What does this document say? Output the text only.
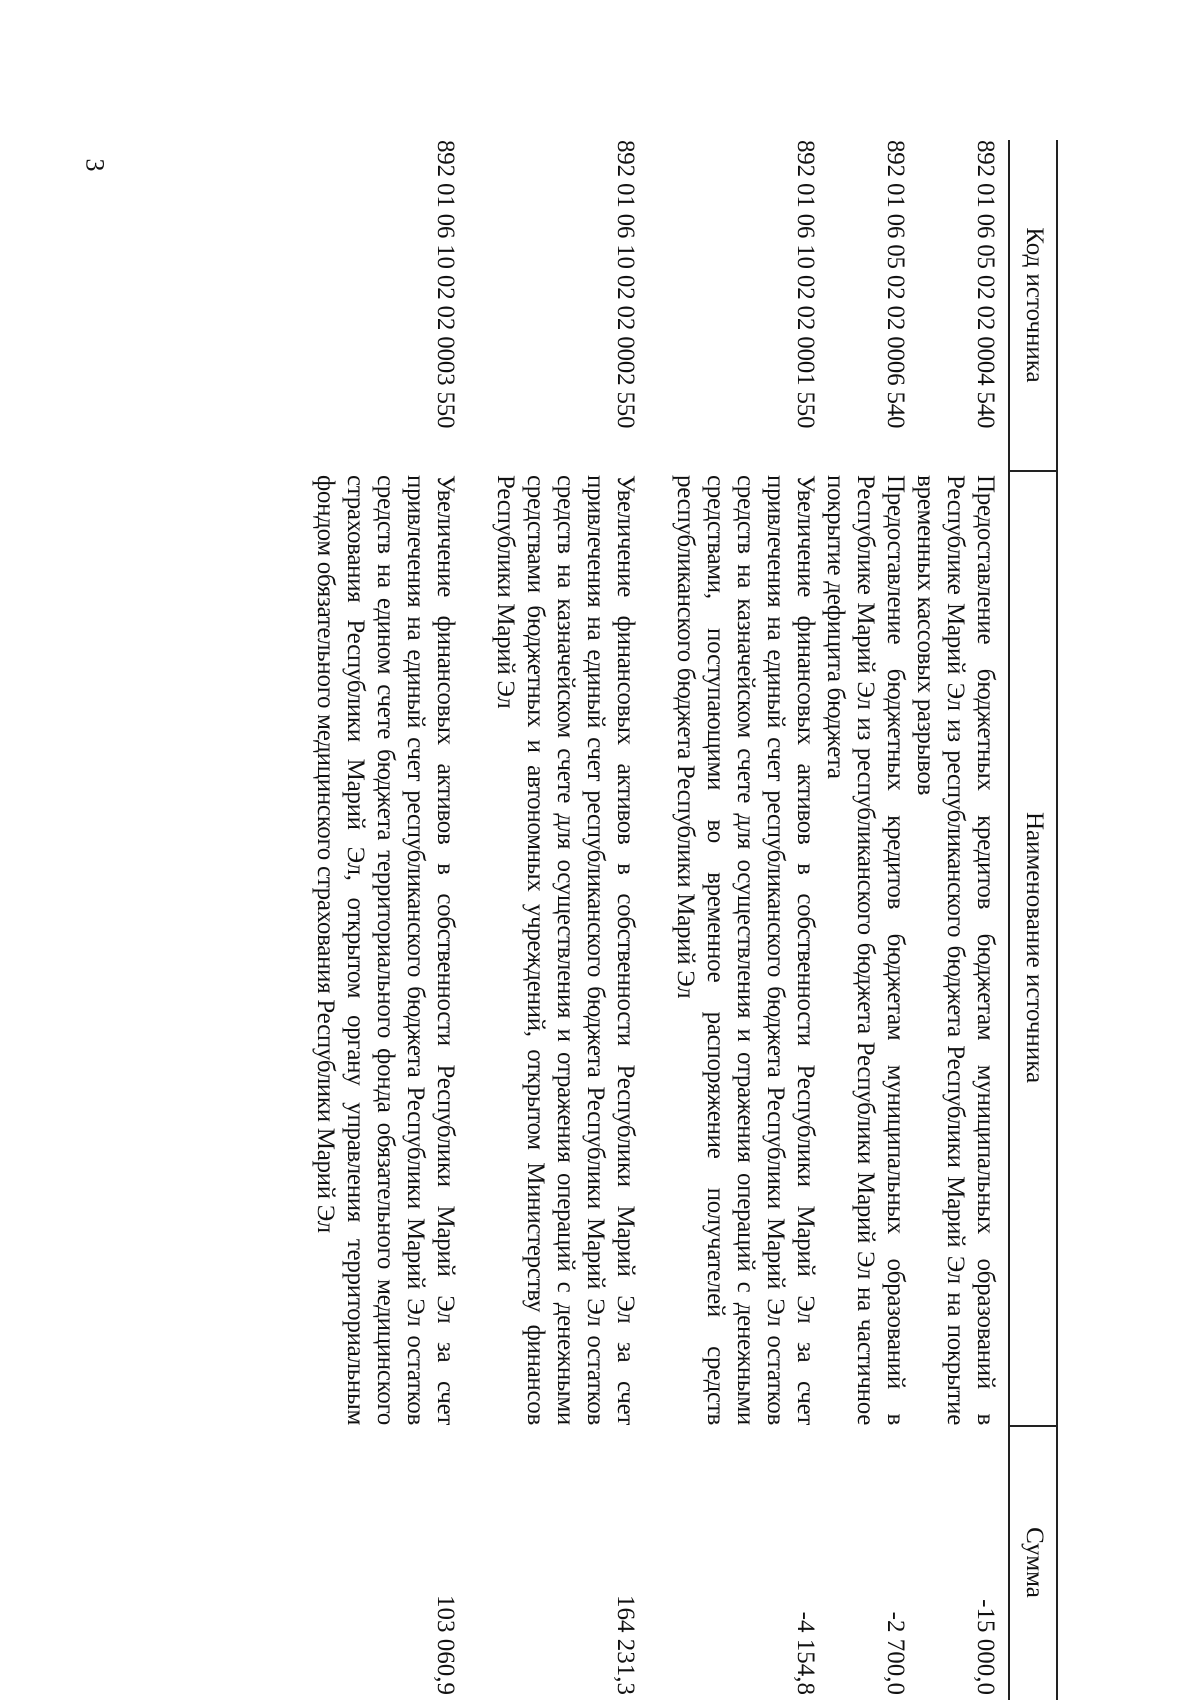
3
Код источника
Наименование источника
Сумма
892 01 06 05 02 02 0004 540
Предоставление бюджетных кредитов бюджетам муниципальных образований в Республике Марий Эл из республиканского бюджета Республики Марий Эл на покрытие временных кассовых разрывов
-15 000,0
892 01 06 05 02 02 0006 540
Предоставление бюджетных кредитов бюджетам муниципальных образований в Республике Марий Эл из республиканского бюджета Республики Марий Эл на частичное покрытие дефицита бюджета
-2 700,0
892 01 06 10 02 02 0001 550
Увеличение финансовых активов в собственности Республики Марий Эл за счет привлечения на единый счет республиканского бюджета Республики Марий Эл остатков средств на казначейском счете для осуществления и отражения операций с денежными средствами, поступающими во временное распоряжение получателей средств республиканского бюджета Республики Марий Эл
-4 154,8
892 01 06 10 02 02 0002 550
Увеличение финансовых активов в собственности Республики Марий Эл за счет привлечения на единый счет республиканского бюджета Республики Марий Эл остатков средств на казначейском счете для осуществления и отражения операций с денежными средствами бюджетных и автономных учреждений, открытом Министерству финансов Республики Марий Эл
164 231,3
892 01 06 10 02 02 0003 550
Увеличение финансовых активов в собственности Республики Марий Эл за счет привлечения на единый счет республиканского бюджета Республики Марий Эл остатков средств на едином счете бюджета территориального фонда обязательного медицинского страхования Республики Марий Эл, открытом органу управления территориальным фондом обязательного медицинского страхования Республики Марий Эл
103 060,9
